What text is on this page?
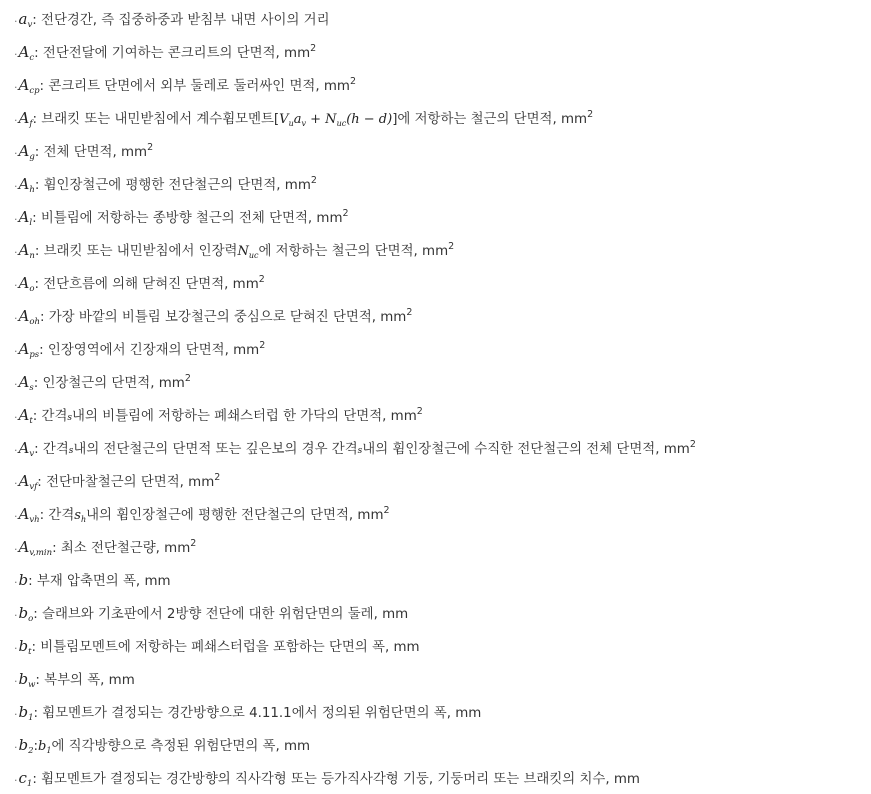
· $a_v$ : 전단경간, 즉 집중하중과 받침부 내면 사이의 거리
· $A_c$ : 전단전달에 기여하는 콘크리트의 단면적, $mm^2$
· $A_{cp}$ : 콘크리트 단면에서 외부 둘레로 둘러싸인 면적, $mm^2$
· $A_f$ : 브래킷 또는 내민받침에서 계수휨모멘트[ $V_ua_v + N_{uc}(h - d)$ ]에 저항하는 철근의 단면적, $mm^2$
· $A_g$ : 전체 단면적, $mm^2$
· $A_h$ : 휨인장철근에 평행한 전단철근의 단면적, $mm^2$
· $A_l$ : 비틀림에 저항하는 종방향 철근의 전체 단면적, $mm^2$
· $A_n$ : 브래킷 또는 내민받침에서 인장력 $N_{uc}$ 에 저항하는 철근의 단면적, $mm^2$
· $A_o$ : 전단흐름에 의해 닫혀진 단면적, $mm^2$
· $A_{oh}$ : 가장 바깥의 비틀림 보강철근의 중심으로 닫혀진 단면적, $mm^2$
· $A_{ps}$ : 인장영역에서 긴장재의 단면적, $mm^2$
· $A_s$ : 인장철근의 단면적, $mm^2$
· $A_t$ : 간격 s 내의 비틀림에 저항하는 폐쇄스터럽 한 가닥의 단면적, $mm^2$
· $A_v$ : 간격 s 내의 전단철근의 단면적 또는 깊은보의 경우 간격 s 내의 휨인장철근에 수직한 전단철근의 전체 단면적, $mm^2$
· $A_{vf}$ : 전단마찰철근의 단면적, $mm^2$
· $A_{vh}$ : 간격 $s_h$ 내의 휨인장철근에 평행한 전단철근의 단면적, $mm^2$
· $A_{v,min}$ : 최소 전단철근량, $mm^2$
· b : 부재 압축면의 폭, mm
· $b_o$ : 슬래브와 기초판에서 2방향 전단에 대한 위험단면의 둘레, mm
· $b_t$ : 비틀림모멘트에 저항하는 폐쇄스터럽을 포함하는 단면의 폭, mm
· $b_w$ : 복부의 폭, mm
· $b_1$ : 휨모멘트가 결정되는 경간방향으로 4.11.1에서 정의된 위험단면의 폭, mm
· $b_2$ : $b_1$ 에 직각방향으로 측정된 위험단면의 폭, mm
· $c_1$ : 휨모멘트가 결정되는 경간방향의 직사각형 또는 등가직사각형 기둥, 기둥머리 또는 브래킷의 치수, mm
